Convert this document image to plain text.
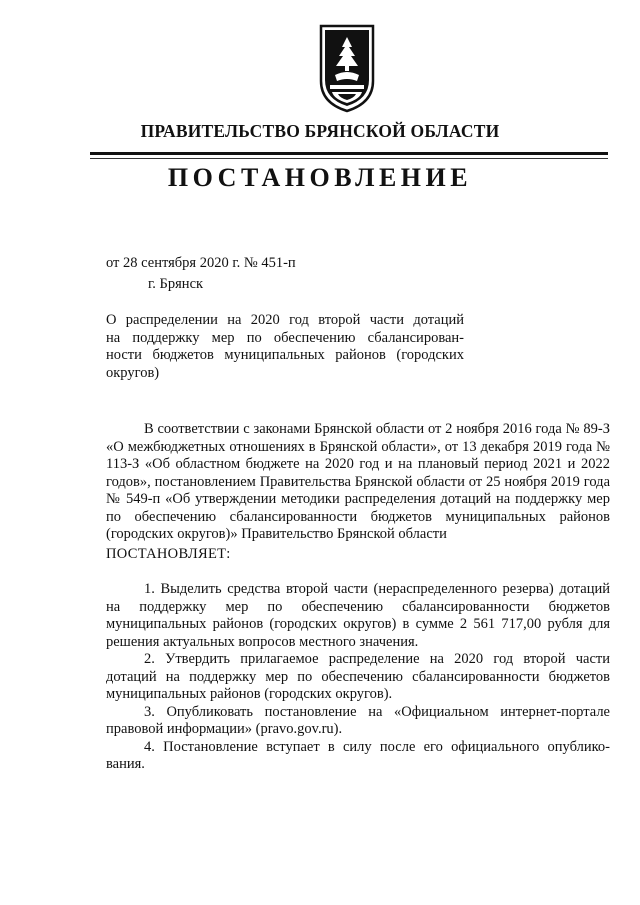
ПРАВИТЕЛЬСТВО БРЯНСКОЙ ОБЛАСТИ
ПОСТАНОВЛЕНИЕ
от 28 сентября 2020 г. № 451-п
г. Брянск
О распределении на 2020 год второй части дотаций
на поддержку мер по обеспечению сбалансирован-
ности бюджетов муниципальных районов (городских
округов)

В соответствии с законами Брянской области от 2 ноября 2016 года № 89-З «О межбюджетных отношениях в Брянской области», от 13 декабря 2019 года № 113-З «Об областном бюджете на 2020 год и на плановый период 2021 и 2022 годов», постановлением Правительства Брянской области от 25 ноября 2019 года № 549-п «Об утверждении методики распределения дотаций на поддержку мер по обеспечению сбалансированности бюджетов муниципальных районов (городских округов)» Правительство Брянской области

ПОСТАНОВЛЯЕТ:

1. Выделить средства второй части (нераспределенного резерва) дотаций на поддержку мер по обеспечению сбалансированности бюджетов муниципальных районов (городских округов) в сумме 2 561 717,00 рубля для решения актуальных вопросов местного значения.

2. Утвердить прилагаемое распределение на 2020 год второй части дотаций на поддержку мер по обеспечению сбалансированности бюджетов муниципальных районов (городских округов).

3. Опубликовать постановление на «Официальном интернет-портале правовой информации» (pravo.gov.ru).

4. Постановление вступает в силу после его официального опублико-вания.
